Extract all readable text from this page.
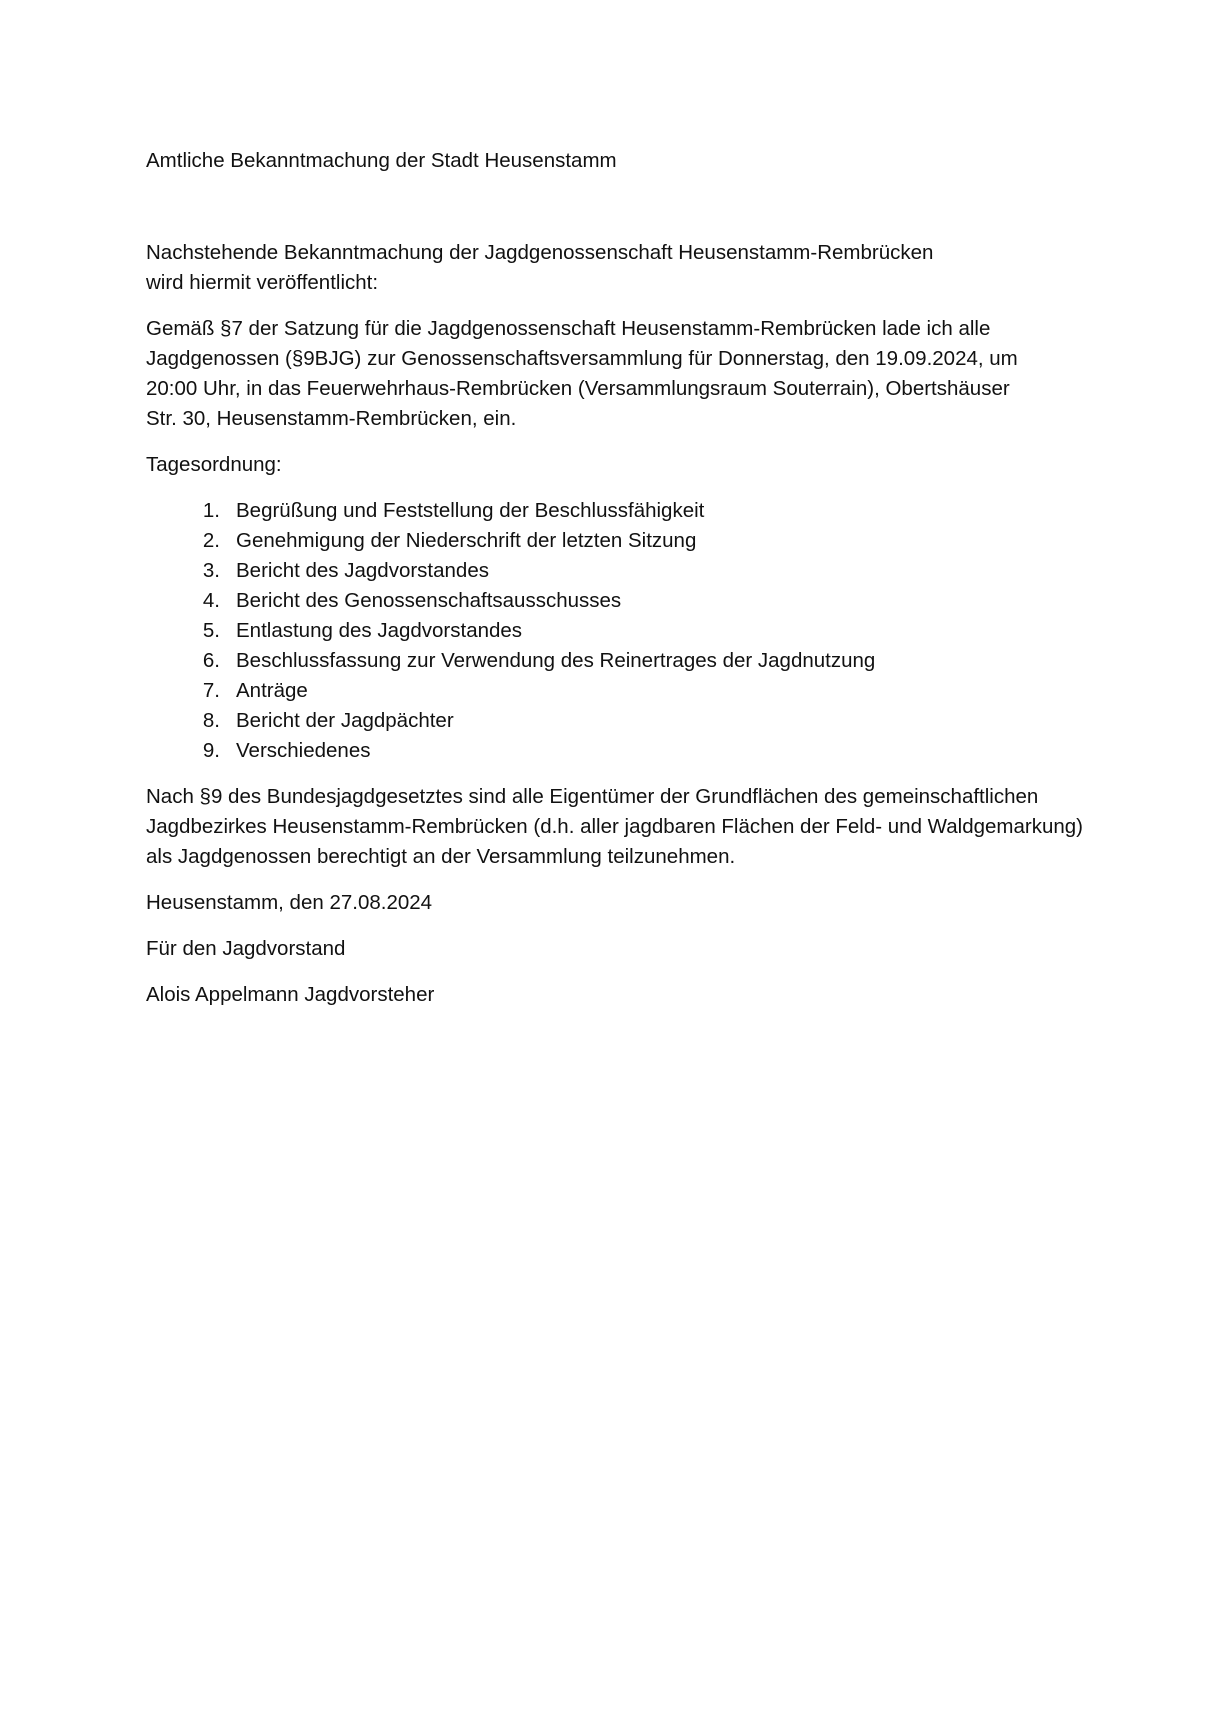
Amtliche Bekanntmachung der Stadt Heusenstamm

Nachstehende Bekanntmachung der Jagdgenossenschaft Heusenstamm-Rembrücken wird hiermit veröffentlicht:

Gemäß §7 der Satzung für die Jagdgenossenschaft Heusenstamm-Rembrücken lade ich alle Jagdgenossen (§9BJG) zur Genossenschaftsversammlung für Donnerstag, den 19.09.2024, um 20:00 Uhr, in das Feuerwehrhaus-Rembrücken (Versammlungsraum Souterrain), Obertshäuser Str. 30, Heusenstamm-Rembrücken, ein.

Tagesordnung:

1. Begrüßung und Feststellung der Beschlussfähigkeit
2. Genehmigung der Niederschrift der letzten Sitzung
3. Bericht des Jagdvorstandes
4. Bericht des Genossenschaftsausschusses
5. Entlastung des Jagdvorstandes
6. Beschlussfassung zur Verwendung des Reinertrages der Jagdnutzung
7. Anträge
8. Bericht der Jagdpächter
9. Verschiedenes

Nach §9 des Bundesjagdgesetztes sind alle Eigentümer der Grundflächen des gemeinschaftlichen Jagdbezirkes Heusenstamm-Rembrücken (d.h. aller jagdbaren Flächen der Feld- und Waldgemarkung) als Jagdgenossen berechtigt an der Versammlung teilzunehmen.

Heusenstamm, den 27.08.2024

Für den Jagdvorstand

Alois Appelmann Jagdvorsteher
